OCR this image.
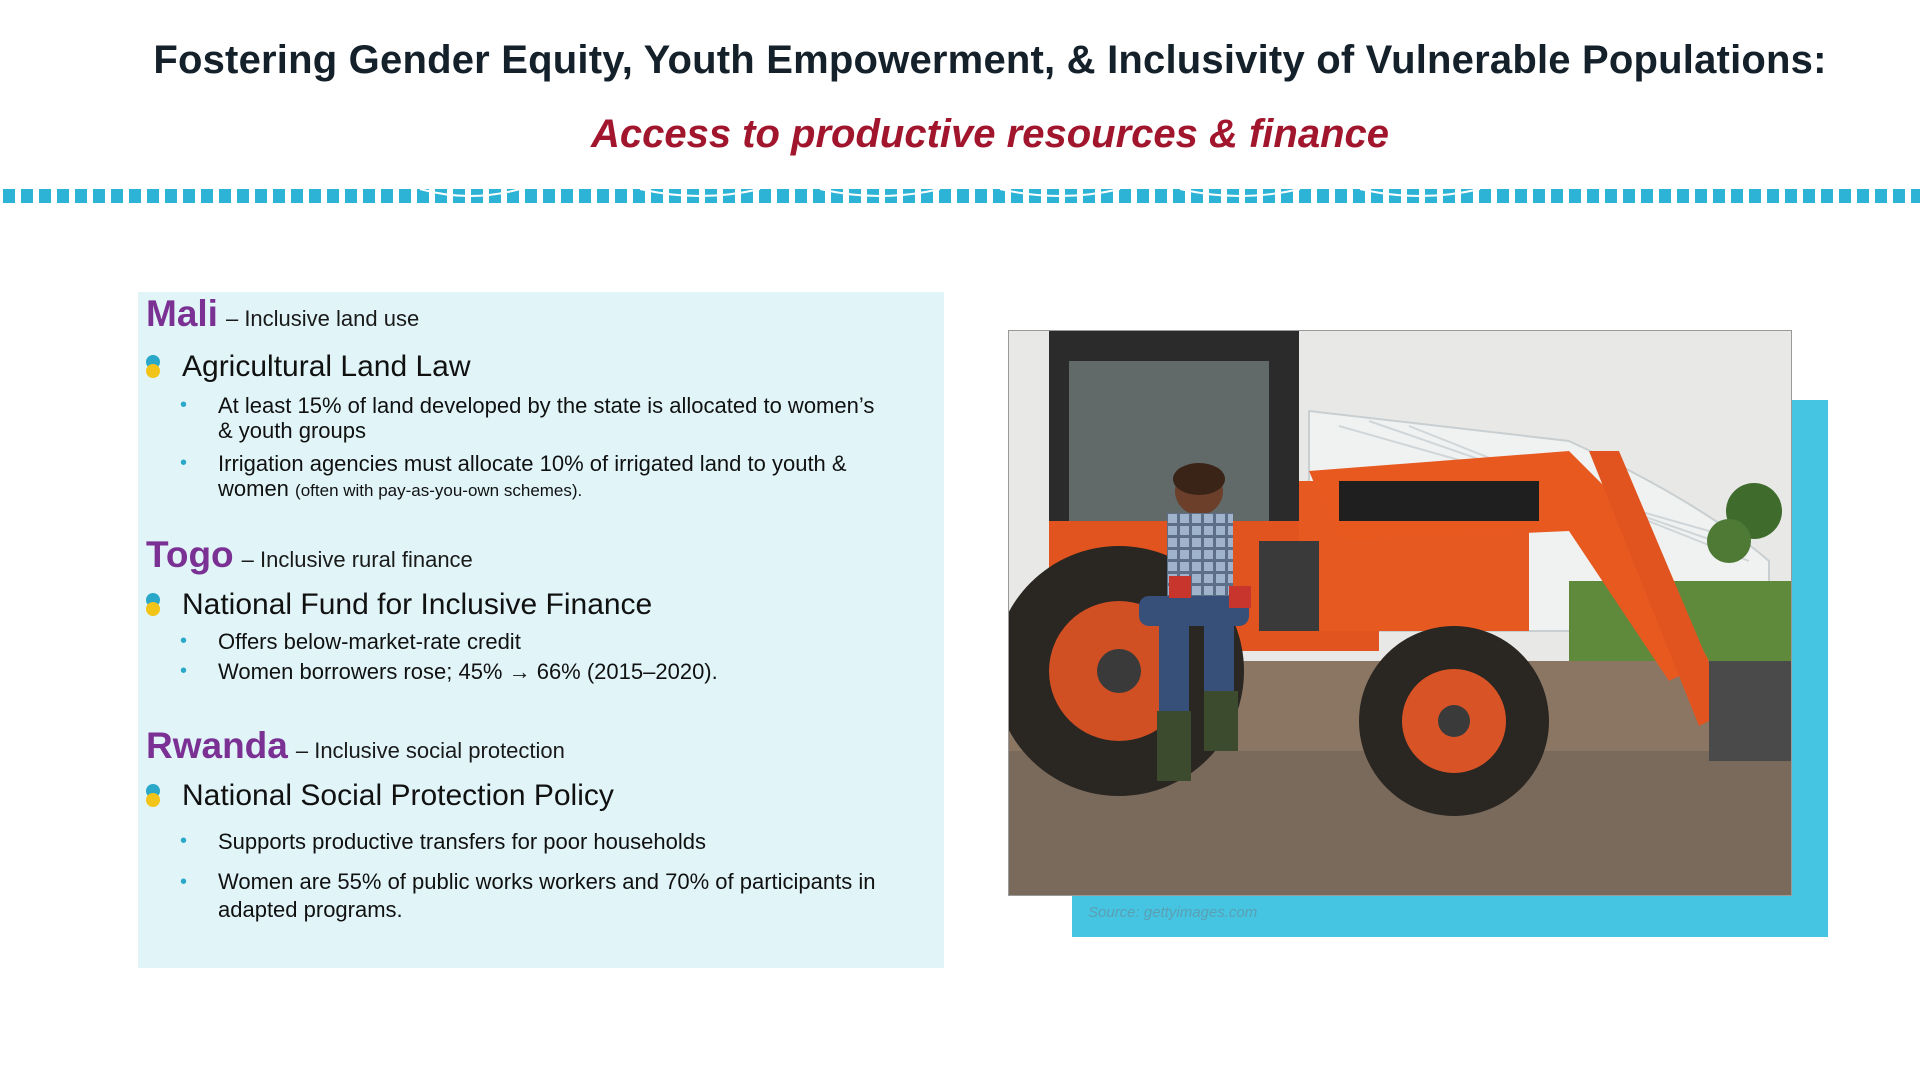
Fostering Gender Equity, Youth Empowerment, & Inclusivity of Vulnerable Populations:
Access to productive resources & finance
Mali – Inclusive land use
Agricultural Land Law
• At least 15% of land developed by the state is allocated to women’s & youth groups
• Irrigation agencies must allocate 10% of irrigated land to youth & women (often with pay-as-you-own schemes).
Togo – Inclusive rural finance
National Fund for Inclusive Finance
• Offers below-market-rate credit
• Women borrowers rose; 45% → 66% (2015–2020).
Rwanda – Inclusive social protection
National Social Protection Policy
• Supports productive transfers for poor households
• Women are 55% of public works workers and 70% of participants in adapted programs.	Source: gettyimages.com
